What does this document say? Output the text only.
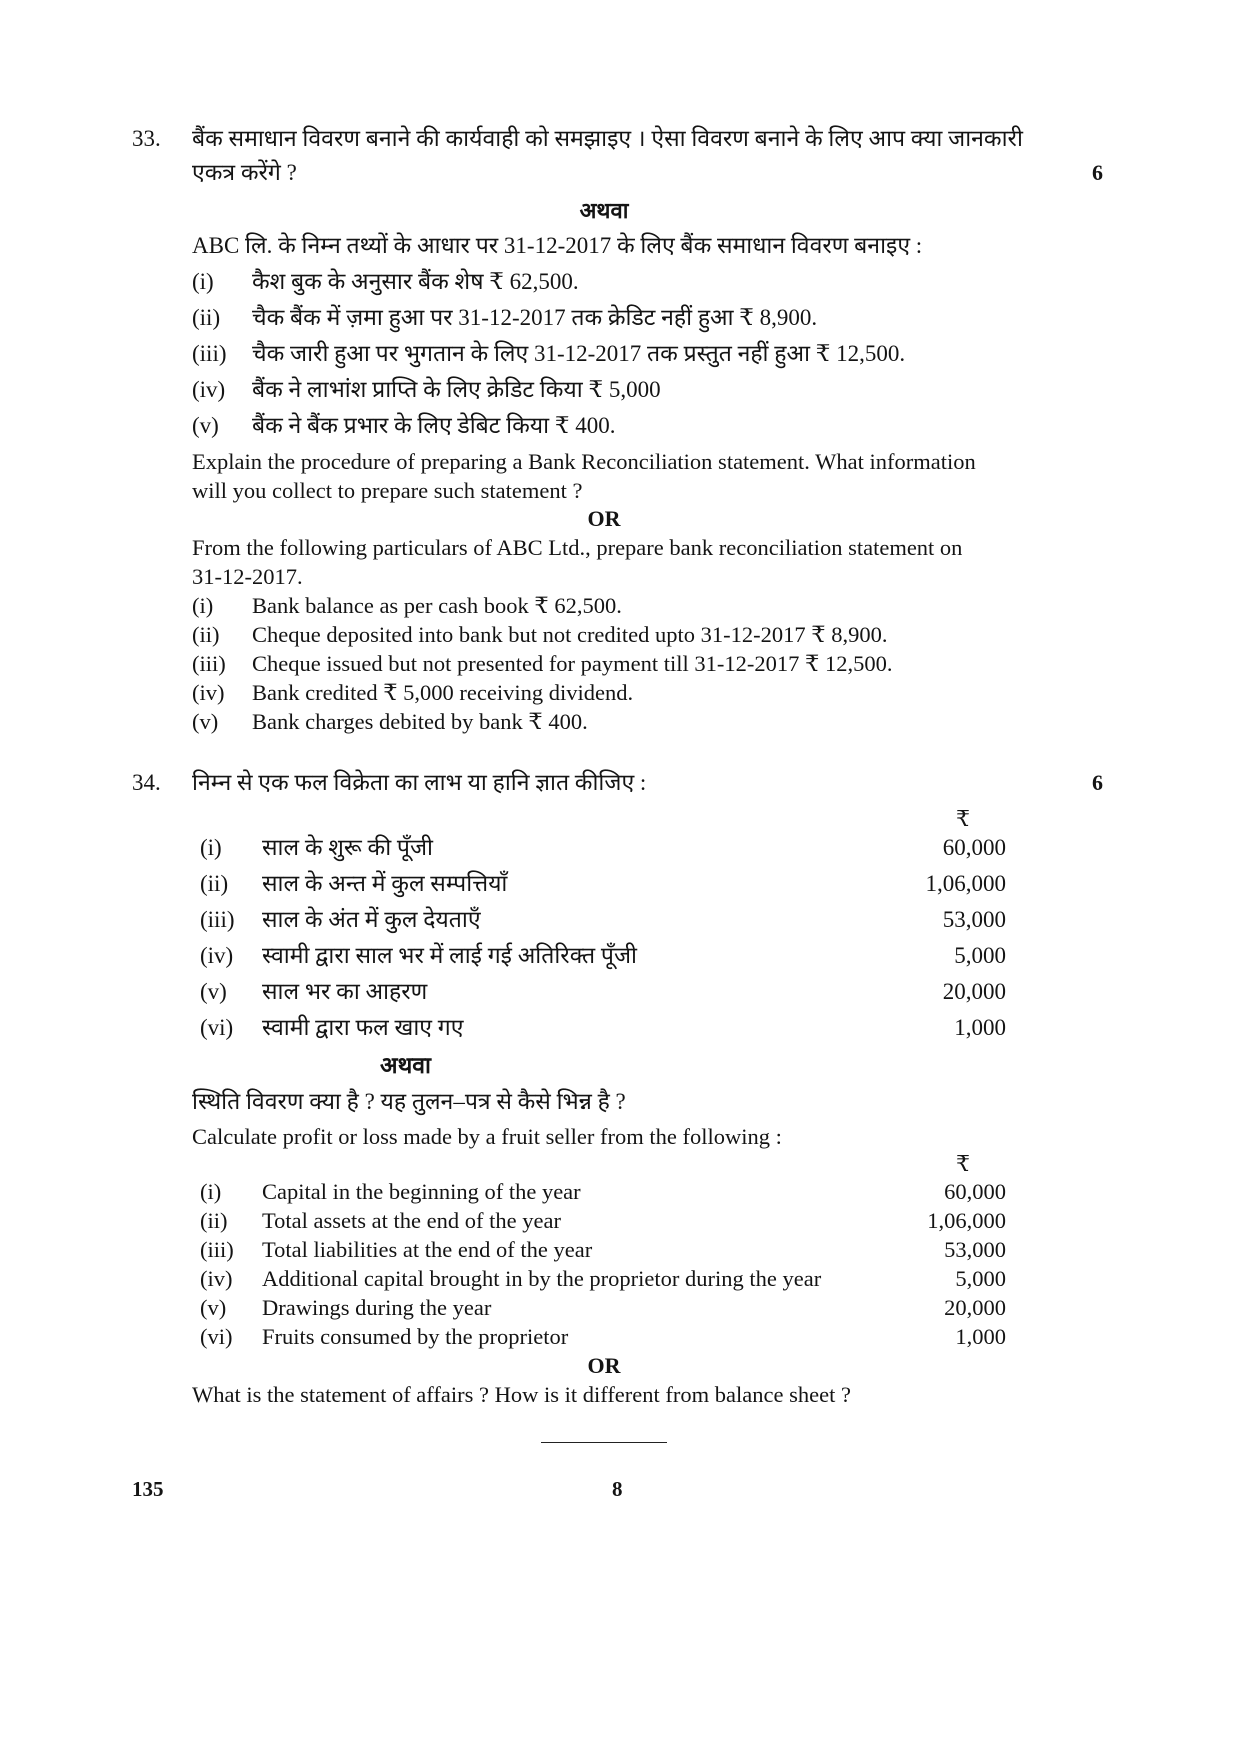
33. बैंक समाधान विवरण बनाने की कार्यवाही को समझाइए । ऐसा विवरण बनाने के लिए आप क्या जानकारी
एकत्र करेंगे ?	6
अथवा
ABC लि. के निम्न तथ्यों के आधार पर 31-12-2017 के लिए बैंक समाधान विवरण बनाइए :
(i) कैश बुक के अनुसार बैंक शेष ₹ 62,500.
(ii) चैक बैंक में ज़मा हुआ पर 31-12-2017 तक क्रेडिट नहीं हुआ ₹ 8,900.
(iii) चैक जारी हुआ पर भुगतान के लिए 31-12-2017 तक प्रस्तुत नहीं हुआ ₹ 12,500.
(iv) बैंक ने लाभांश प्राप्ति के लिए क्रेडिट किया ₹ 5,000
(v) बैंक ने बैंक प्रभार के लिए डेबिट किया ₹ 400.
Explain the procedure of preparing a Bank Reconciliation statement. What information
will you collect to prepare such statement ?
OR
From the following particulars of ABC Ltd., prepare bank reconciliation statement on
31-12-2017.
(i) Bank balance as per cash book ₹ 62,500.
(ii) Cheque deposited into bank but not credited upto 31-12-2017 ₹ 8,900.
(iii) Cheque issued but not presented for payment till 31-12-2017 ₹ 12,500.
(iv) Bank credited ₹ 5,000 receiving dividend.
(v) Bank charges debited by bank ₹ 400.
34. निम्न से एक फल विक्रेता का लाभ या हानि ज्ञात कीजिए :	6
₹
(i) साल के शुरू की पूँजी	60,000
(ii) साल के अन्त में कुल सम्पत्तियाँ	1,06,000
(iii) साल के अंत में कुल देयताएँ	53,000
(iv) स्वामी द्वारा साल भर में लाई गई अतिरिक्त पूँजी	5,000
(v) साल भर का आहरण	20,000
(vi) स्वामी द्वारा फल खाए गए	1,000
अथवा
स्थिति विवरण क्या है ? यह तुलन–पत्र से कैसे भिन्न है ?
Calculate profit or loss made by a fruit seller from the following :
₹
(i) Capital in the beginning of the year	60,000
(ii) Total assets at the end of the year	1,06,000
(iii) Total liabilities at the end of the year	53,000
(iv) Additional capital brought in by the proprietor during the year	5,000
(v) Drawings during the year	20,000
(vi) Fruits consumed by the proprietor	1,000
OR
What is the statement of affairs ? How is it different from balance sheet ?
135	8
